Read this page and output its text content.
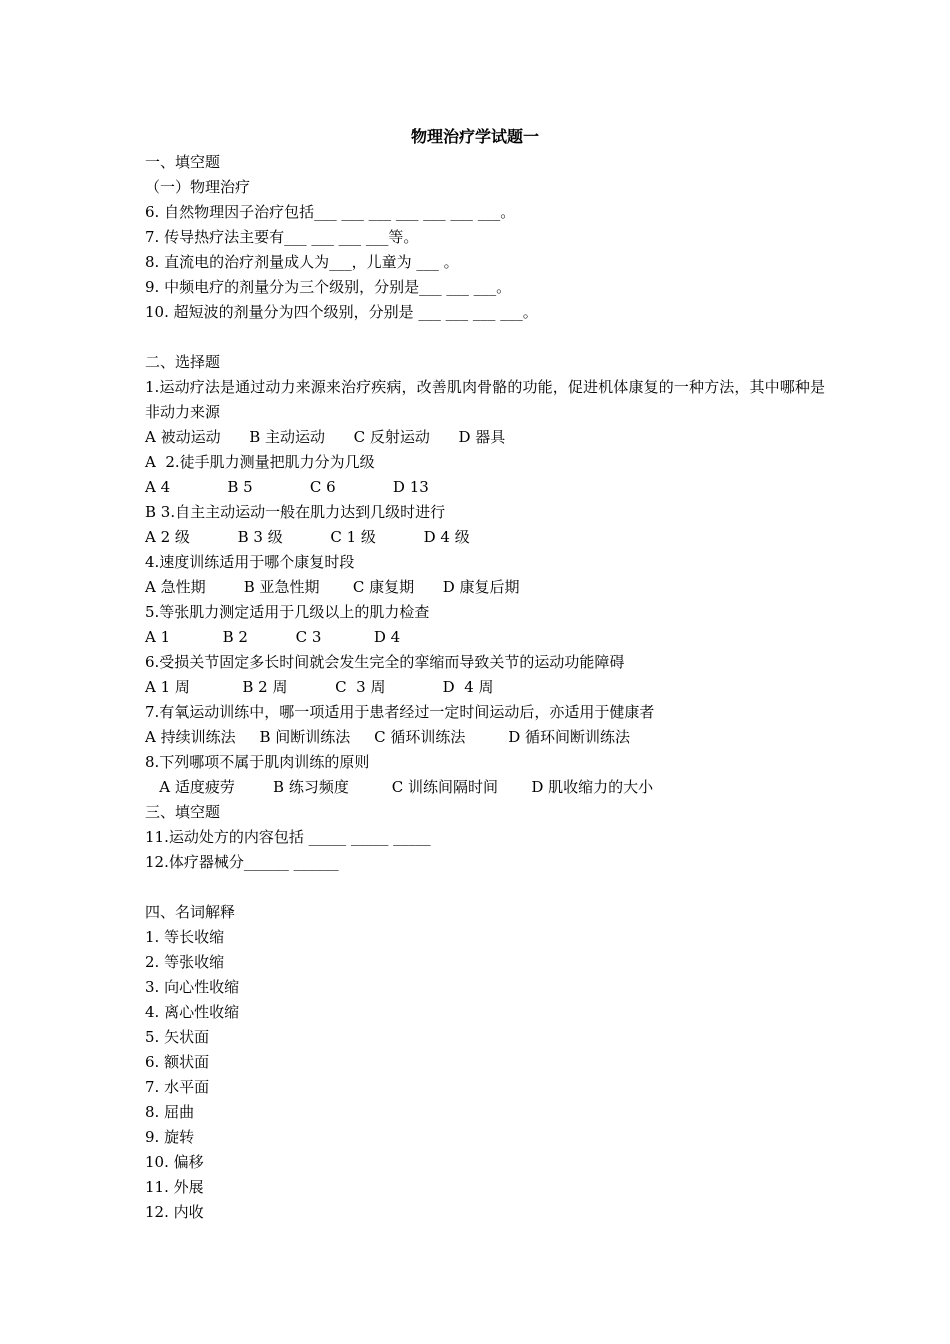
物理治疗学试题一
一、填空题
（一）物理治疗
6. 自然物理因子治疗包括___ ___ ___ ___ ___ ___ ___。
7. 传导热疗法主要有___ ___ ___ ___等。
8. 直流电的治疗剂量成人为___，儿童为 ___ 。
9. 中频电疗的剂量分为三个级别，分别是___ ___ ___。
10. 超短波的剂量分为四个级别，分别是 ___ ___ ___ ___。
二、选择题
1.运动疗法是通过动力来源来治疗疾病，改善肌肉骨骼的功能，促进机体康复的一种方法，其中哪种是非动力来源
A 被动运动      B 主动运动      C 反射运动      D 器具
A  2.徒手肌力测量把肌力分为几级
A 4            B 5            C 6            D 13
B 3.自主主动运动一般在肌力达到几级时进行
A 2 级          B 3 级          C 1 级          D 4 级
4.速度训练适用于哪个康复时段
A 急性期        B 亚急性期       C 康复期      D 康复后期
5.等张肌力测定适用于几级以上的肌力检查
A 1           B 2          C 3           D 4
6.受损关节固定多长时间就会发生完全的挛缩而导致关节的运动功能障碍
A 1 周           B 2 周          C  3 周            D  4 周
7.有氧运动训练中，哪一项适用于患者经过一定时间运动后，亦适用于健康者
A 持续训练法     B 间断训练法     C 循环训练法         D 循环间断训练法
8.下列哪项不属于肌肉训练的原则
A 适度疲劳        B 练习频度         C 训练间隔时间       D 肌收缩力的大小
三、填空题
11.运动处方的内容包括 _____ _____ _____
12.体疗器械分______ ______
四、名词解释
1. 等长收缩
2. 等张收缩
3. 向心性收缩
4. 离心性收缩
5. 矢状面
6. 额状面
7. 水平面
8. 屈曲
9. 旋转
10. 偏移
11. 外展
12. 内收
